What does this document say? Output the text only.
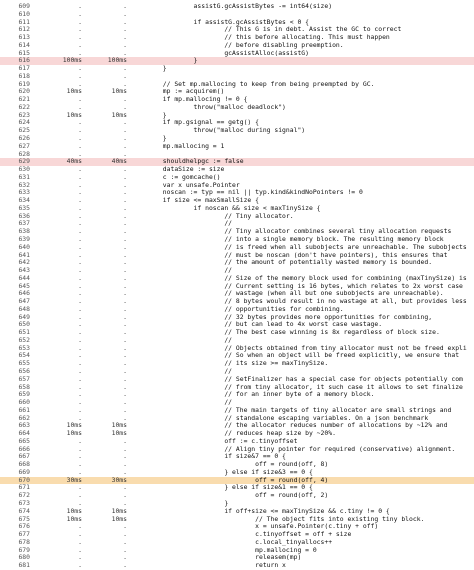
609	.	. assistG.gcAssistBytes -= int64(size)
610	.	.
611	.	. if assistG.gcAssistBytes < 0 {
612	.	. // This G is in debt. Assist the GC to correct
613	.	. // this before allocating. This must happen
614	.	. // before disabling preemption.
615	.	. gcAssistAlloc(assistG)
616	100ms	100ms }
617	.	. }
618	.	.
619	.	. // Set mp.mallocing to keep from being preempted by GC.
620	10ms	10ms mp := acquirem()
621	.	. if mp.mallocing != 0 {
622	.	. throw("malloc deadlock")
623	10ms	10ms }
624	.	. if mp.gsignal == getg() {
625	.	. throw("malloc during signal")
626	.	. }
627	.	. mp.mallocing = 1
628	.	.
629	40ms	40ms shouldhelpgc := false
630	.	. dataSize := size
631	.	. c := gomcache()
632	.	. var x unsafe.Pointer
633	.	. noscan := typ == nil || typ.kind&kindNoPointers != 0
634	.	. if size <= maxSmallSize {
635	.	. if noscan && size < maxTinySize {
636	.	. // Tiny allocator.
637	.	. //
638	.	. // Tiny allocator combines several tiny allocation requests
639	.	. // into a single memory block. The resulting memory block
640	.	. // is freed when all subobjects are unreachable. The subobjects
641	.	. // must be noscan (don't have pointers), this ensures that
642	.	. // the amount of potentially wasted memory is bounded.
643	.	. //
644	.	. // Size of the memory block used for combining (maxTinySize) is
645	.	. // Current setting is 16 bytes, which relates to 2x worst case
646	.	. // wastage (when all but one subobjects are unreachable).
647	.	. // 8 bytes would result in no wastage at all, but provides less
648	.	. // opportunities for combining.
649	.	. // 32 bytes provides more opportunities for combining,
650	.	. // but can lead to 4x worst case wastage.
651	.	. // The best case winning is 8x regardless of block size.
652	.	. //
653	.	. // Objects obtained from tiny allocator must not be freed expli
654	.	. // So when an object will be freed explicitly, we ensure that
655	.	. // its size >= maxTinySize.
656	.	. //
657	.	. // SetFinalizer has a special case for objects potentially com
658	.	. // from tiny allocator, it such case it allows to set finalize
659	.	. // for an inner byte of a memory block.
660	.	. //
661	.	. // The main targets of tiny allocator are small strings and
662	.	. // standalone escaping variables. On a json benchmark
663	10ms	10ms // the allocator reduces number of allocations by ~12% and
664	10ms	10ms // reduces heap size by ~20%.
665	.	. off := c.tinyoffset
666	.	. // Align tiny pointer for required (conservative) alignment.
667	.	. if size&7 == 0 {
668	.	. off = round(off, 8)
669	.	. } else if size&3 == 0 {
670	30ms	30ms off = round(off, 4)
671	.	. } else if size&1 == 0 {
672	.	. off = round(off, 2)
673	.	. }
674	10ms	10ms if off+size <= maxTinySize && c.tiny != 0 {
675	10ms	10ms // The object fits into existing tiny block.
676	.	. x = unsafe.Pointer(c.tiny + off)
677	.	. c.tinyoffset = off + size
678	.	. c.local_tinyallocs++
679	.	. mp.mallocing = 0
680	.	. releasem(mp)
681	.	. return x
